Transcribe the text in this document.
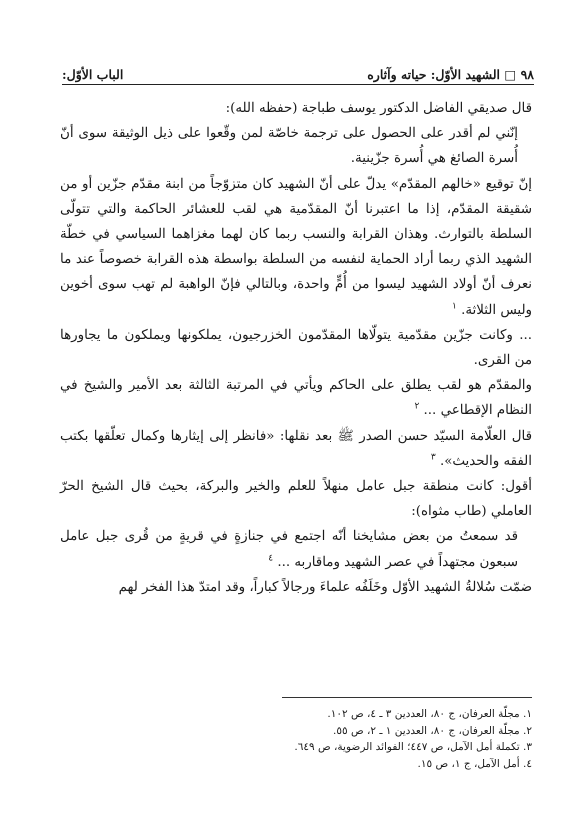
٩٨ □ الشهيد الأوّل: حياته وآثاره
الباب الأوّل:

قال صديقي الفاضل الدكتور يوسف طباجة (حفظه الله):

إنّني لم أقدر على الحصول على ترجمة خاصّة لمن وقّعوا على ذيل الوثيقة سوى أنّ أُسرة الصائغ هي أُسرة جزّينية.

إنّ توقيع «خالهم المقدّم» يدلّ على أنّ الشهيد كان متزوّجاً من ابنة مقدّم جزّين أو من شقيقة المقدّم، إذا ما اعتبرنا أنّ المقدّمية هي لقب للعشائر الحاكمة والتي تتولّى السلطة بالتوارث. وهذان القرابة والنسب ربما كان لهما مغزاهما السياسي في خطّة الشهيد الذي ربما أراد الحماية لنفسه من السلطة بواسطة هذه القرابة خصوصاً عند ما نعرف أنّ أولاد الشهيد ليسوا من أُمٍّ واحدة، وبالتالي فإنّ الواهبة لم تهب سوى أخوين وليس الثلاثة. $^١$

... وكانت جزّين مقدّمية يتولّاها المقدّمون الخزرجيون، يملكونها ويملكون ما يجاورها من القرى.

والمقدّم هو لقب يطلق على الحاكم ويأتي في المرتبة الثالثة بعد الأمير والشيخ في النظام الإقطاعي ... $^٢$

قال العلّامة السيّد حسن الصدر ﷺ بعد نقلها: «فانظر إلى إيثارها وكمال تعلّقها بكتب الفقه والحديث». $^٣$

أقول: كانت منطقة جبل عامل منهلاً للعلم والخير والبركة، بحيث قال الشيخ الحرّ العاملي (طاب مثواه):

قد سمعتُ من بعض مشايخنا أنّه اجتمع في جنازةٍ في قريةٍ من قُرى جبل عامل سبعون مجتهداً في عصر الشهيد وماقاربه ... $^٤$

ضمّت سُلالةُ الشهيد الأوّل وخَلَفُه علماءَ ورجالاً كباراً، وقد امتدّ هذا الفخر لهم

١. مجلّة العرفان، ج ٨٠، العددين ٣ ـ ٤، ص ١٠٢.

٢. مجلّة العرفان، ج ٨٠، العددين ١ ـ ٢، ص ٥٥.

٣. تكملة أمل الآمل، ص ٤٤٧؛ الفوائد الرضوية، ص ٦٤٩.

٤. أمل الآمل، ج ١، ص ١٥.
